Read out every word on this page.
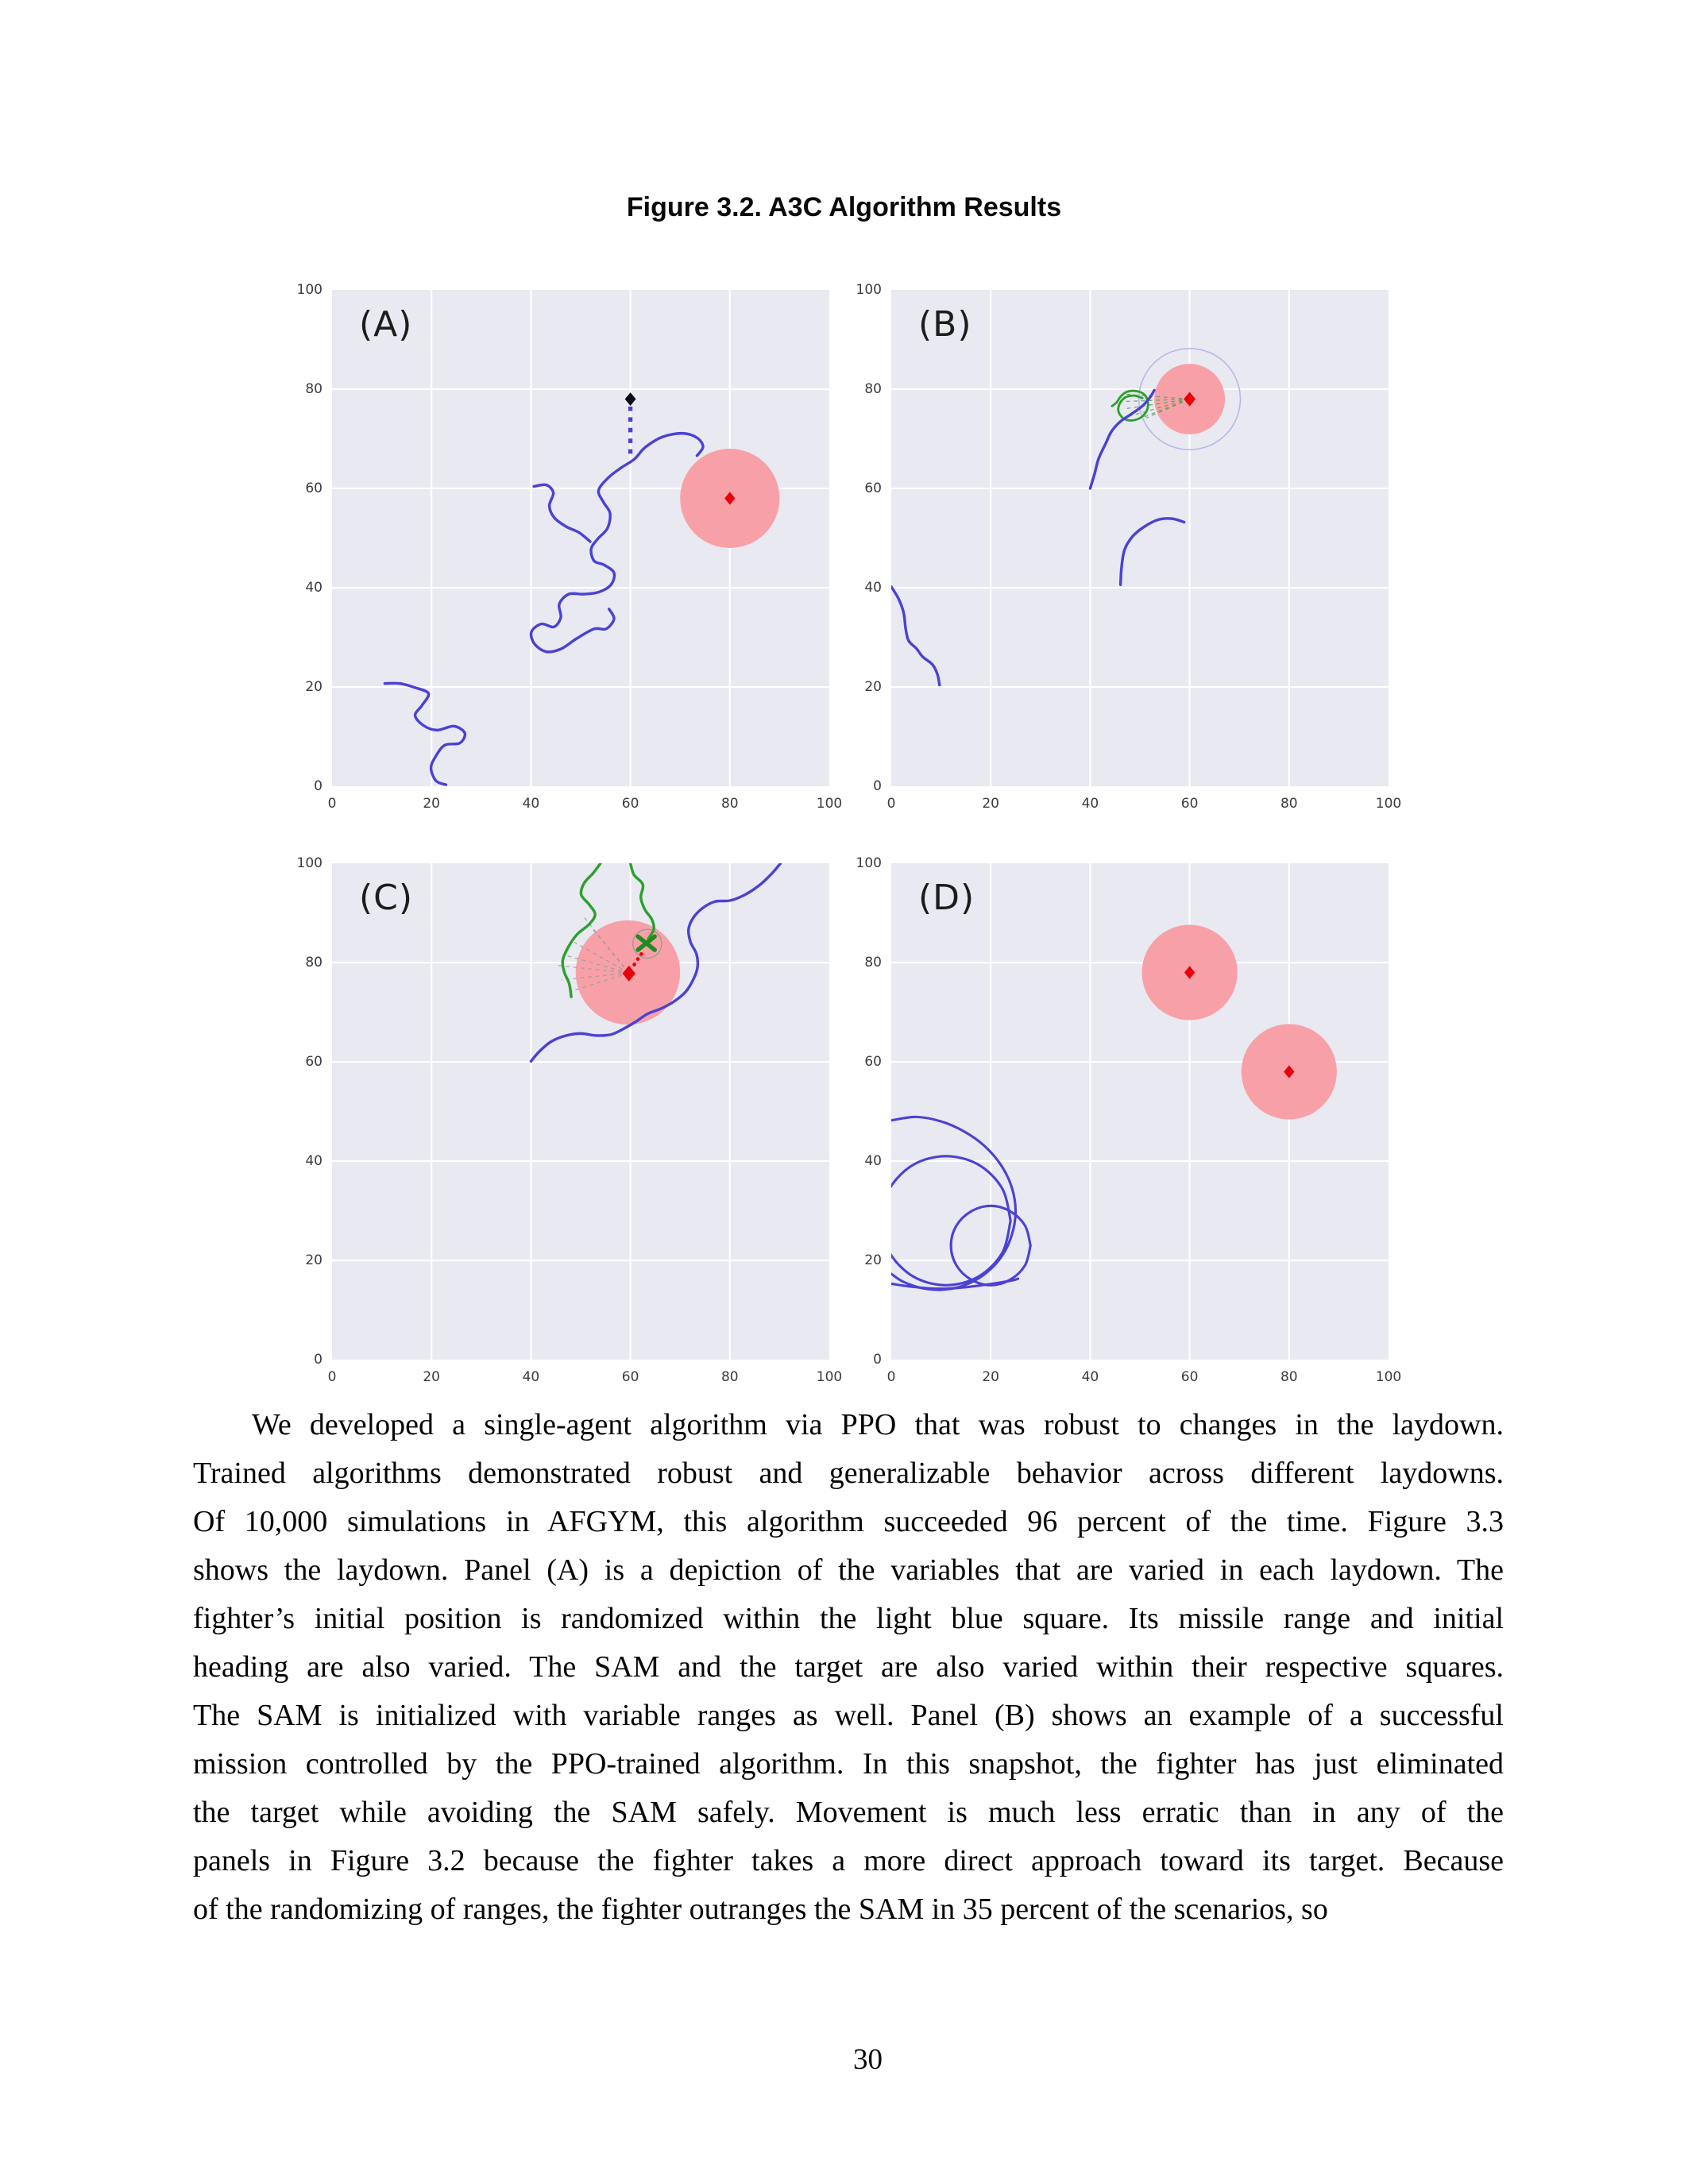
Figure 3.2. A3C Algorithm Results
(A)
0
20
40
60
80
100
0	20	40	60	80	100
(B)
0
20
40
60
80
100
0	20	40	60	80	100
(C)
0
20
40
60
80
100
0	20	40	60	80	100
(D)
0
20
40
60
80
100
0	20	40	60	80	100
We developed a single-agent algorithm via PPO that was robust to changes in the laydown.
Trained algorithms demonstrated robust and generalizable behavior across different laydowns.
Of 10,000 simulations in AFGYM, this algorithm succeeded 96 percent of the time. Figure 3.3
shows the laydown. Panel (A) is a depiction of the variables that are varied in each laydown. The
fighter’s initial position is randomized within the light blue square. Its missile range and initial
heading are also varied. The SAM and the target are also varied within their respective squares.
The SAM is initialized with variable ranges as well. Panel (B) shows an example of a successful
mission controlled by the PPO-trained algorithm. In this snapshot, the fighter has just eliminated
the target while avoiding the SAM safely. Movement is much less erratic than in any of the
panels in Figure 3.2 because the fighter takes a more direct approach toward its target. Because
of the randomizing of ranges, the fighter outranges the SAM in 35 percent of the scenarios, so
30
